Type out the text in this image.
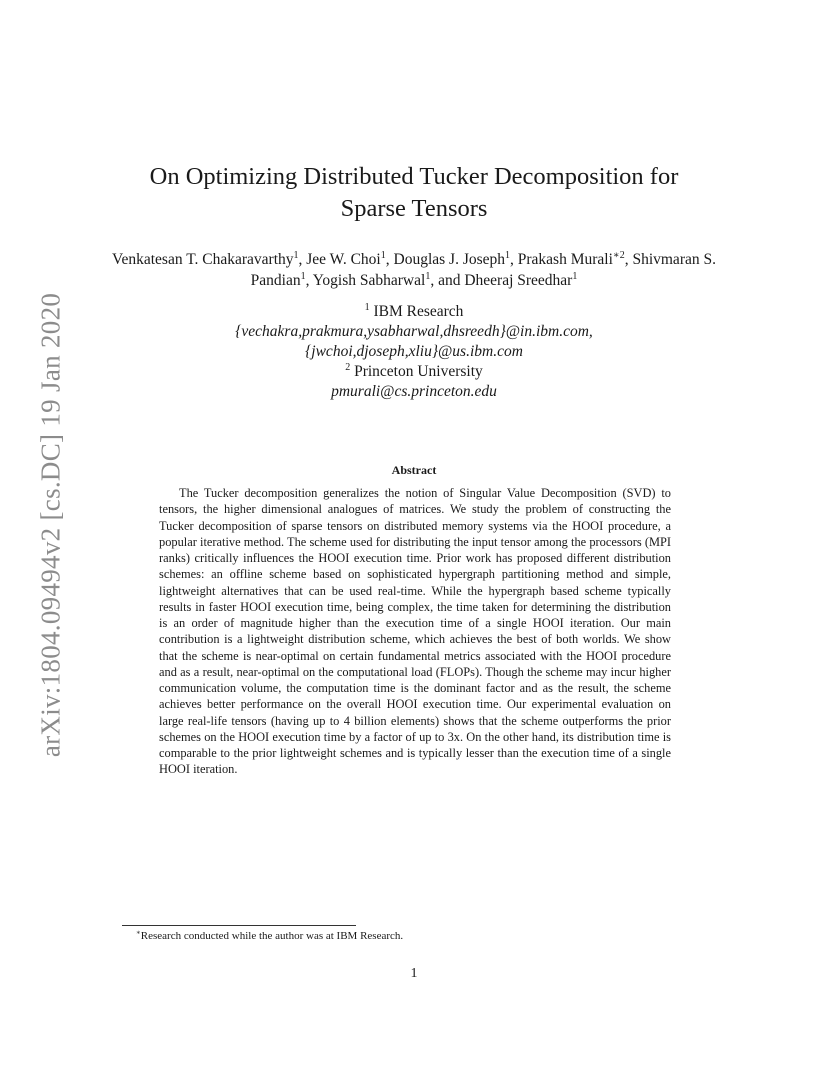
arXiv:1804.09494v2 [cs.DC] 19 Jan 2020
On Optimizing Distributed Tucker Decomposition for
Sparse Tensors
Venkatesan T. Chakaravarthy$^1$, Jee W. Choi$^1$, Douglas J. Joseph$^1$, Prakash Murali$^{∗2}$, Shivmaran S. Pandian$^1$, Yogish Sabharwal$^1$, and Dheeraj Sreedhar$^1$
$^1$ IBM Research
{vechakra,prakmura,ysabharwal,dhsreedh}@in.ibm.com,
{jwchoi,djoseph,xliu}@us.ibm.com
$^2$ Princeton University
pmurali@cs.princeton.edu
Abstract

The Tucker decomposition generalizes the notion of Singular Value Decomposition (SVD) to tensors, the higher dimensional analogues of matrices. We study the problem of constructing the Tucker decomposition of sparse tensors on distributed memory systems via the HOOI procedure, a popular iterative method. The scheme used for distributing the input tensor among the processors (MPI ranks) critically influences the HOOI execution time. Prior work has proposed different distribution schemes: an offline scheme based on sophisticated hypergraph partitioning method and simple, lightweight alternatives that can be used real-time. While the hypergraph based scheme typically results in faster HOOI execution time, being complex, the time taken for determining the distribution is an order of magnitude higher than the execution time of a single HOOI iteration. Our main contribution is a lightweight distribution scheme, which achieves the best of both worlds. We show that the scheme is near-optimal on certain fundamental metrics associated with the HOOI procedure and as a result, near-optimal on the computational load (FLOPs). Though the scheme may incur higher communication volume, the computation time is the dominant factor and as the result, the scheme achieves better performance on the overall HOOI execution time. Our experimental evaluation on large real-life tensors (having up to 4 billion elements) shows that the scheme outperforms the prior schemes on the HOOI execution time by a factor of up to 3x. On the other hand, its distribution time is comparable to the prior lightweight schemes and is typically lesser than the execution time of a single HOOI iteration.

∗Research conducted while the author was at IBM Research.
1
